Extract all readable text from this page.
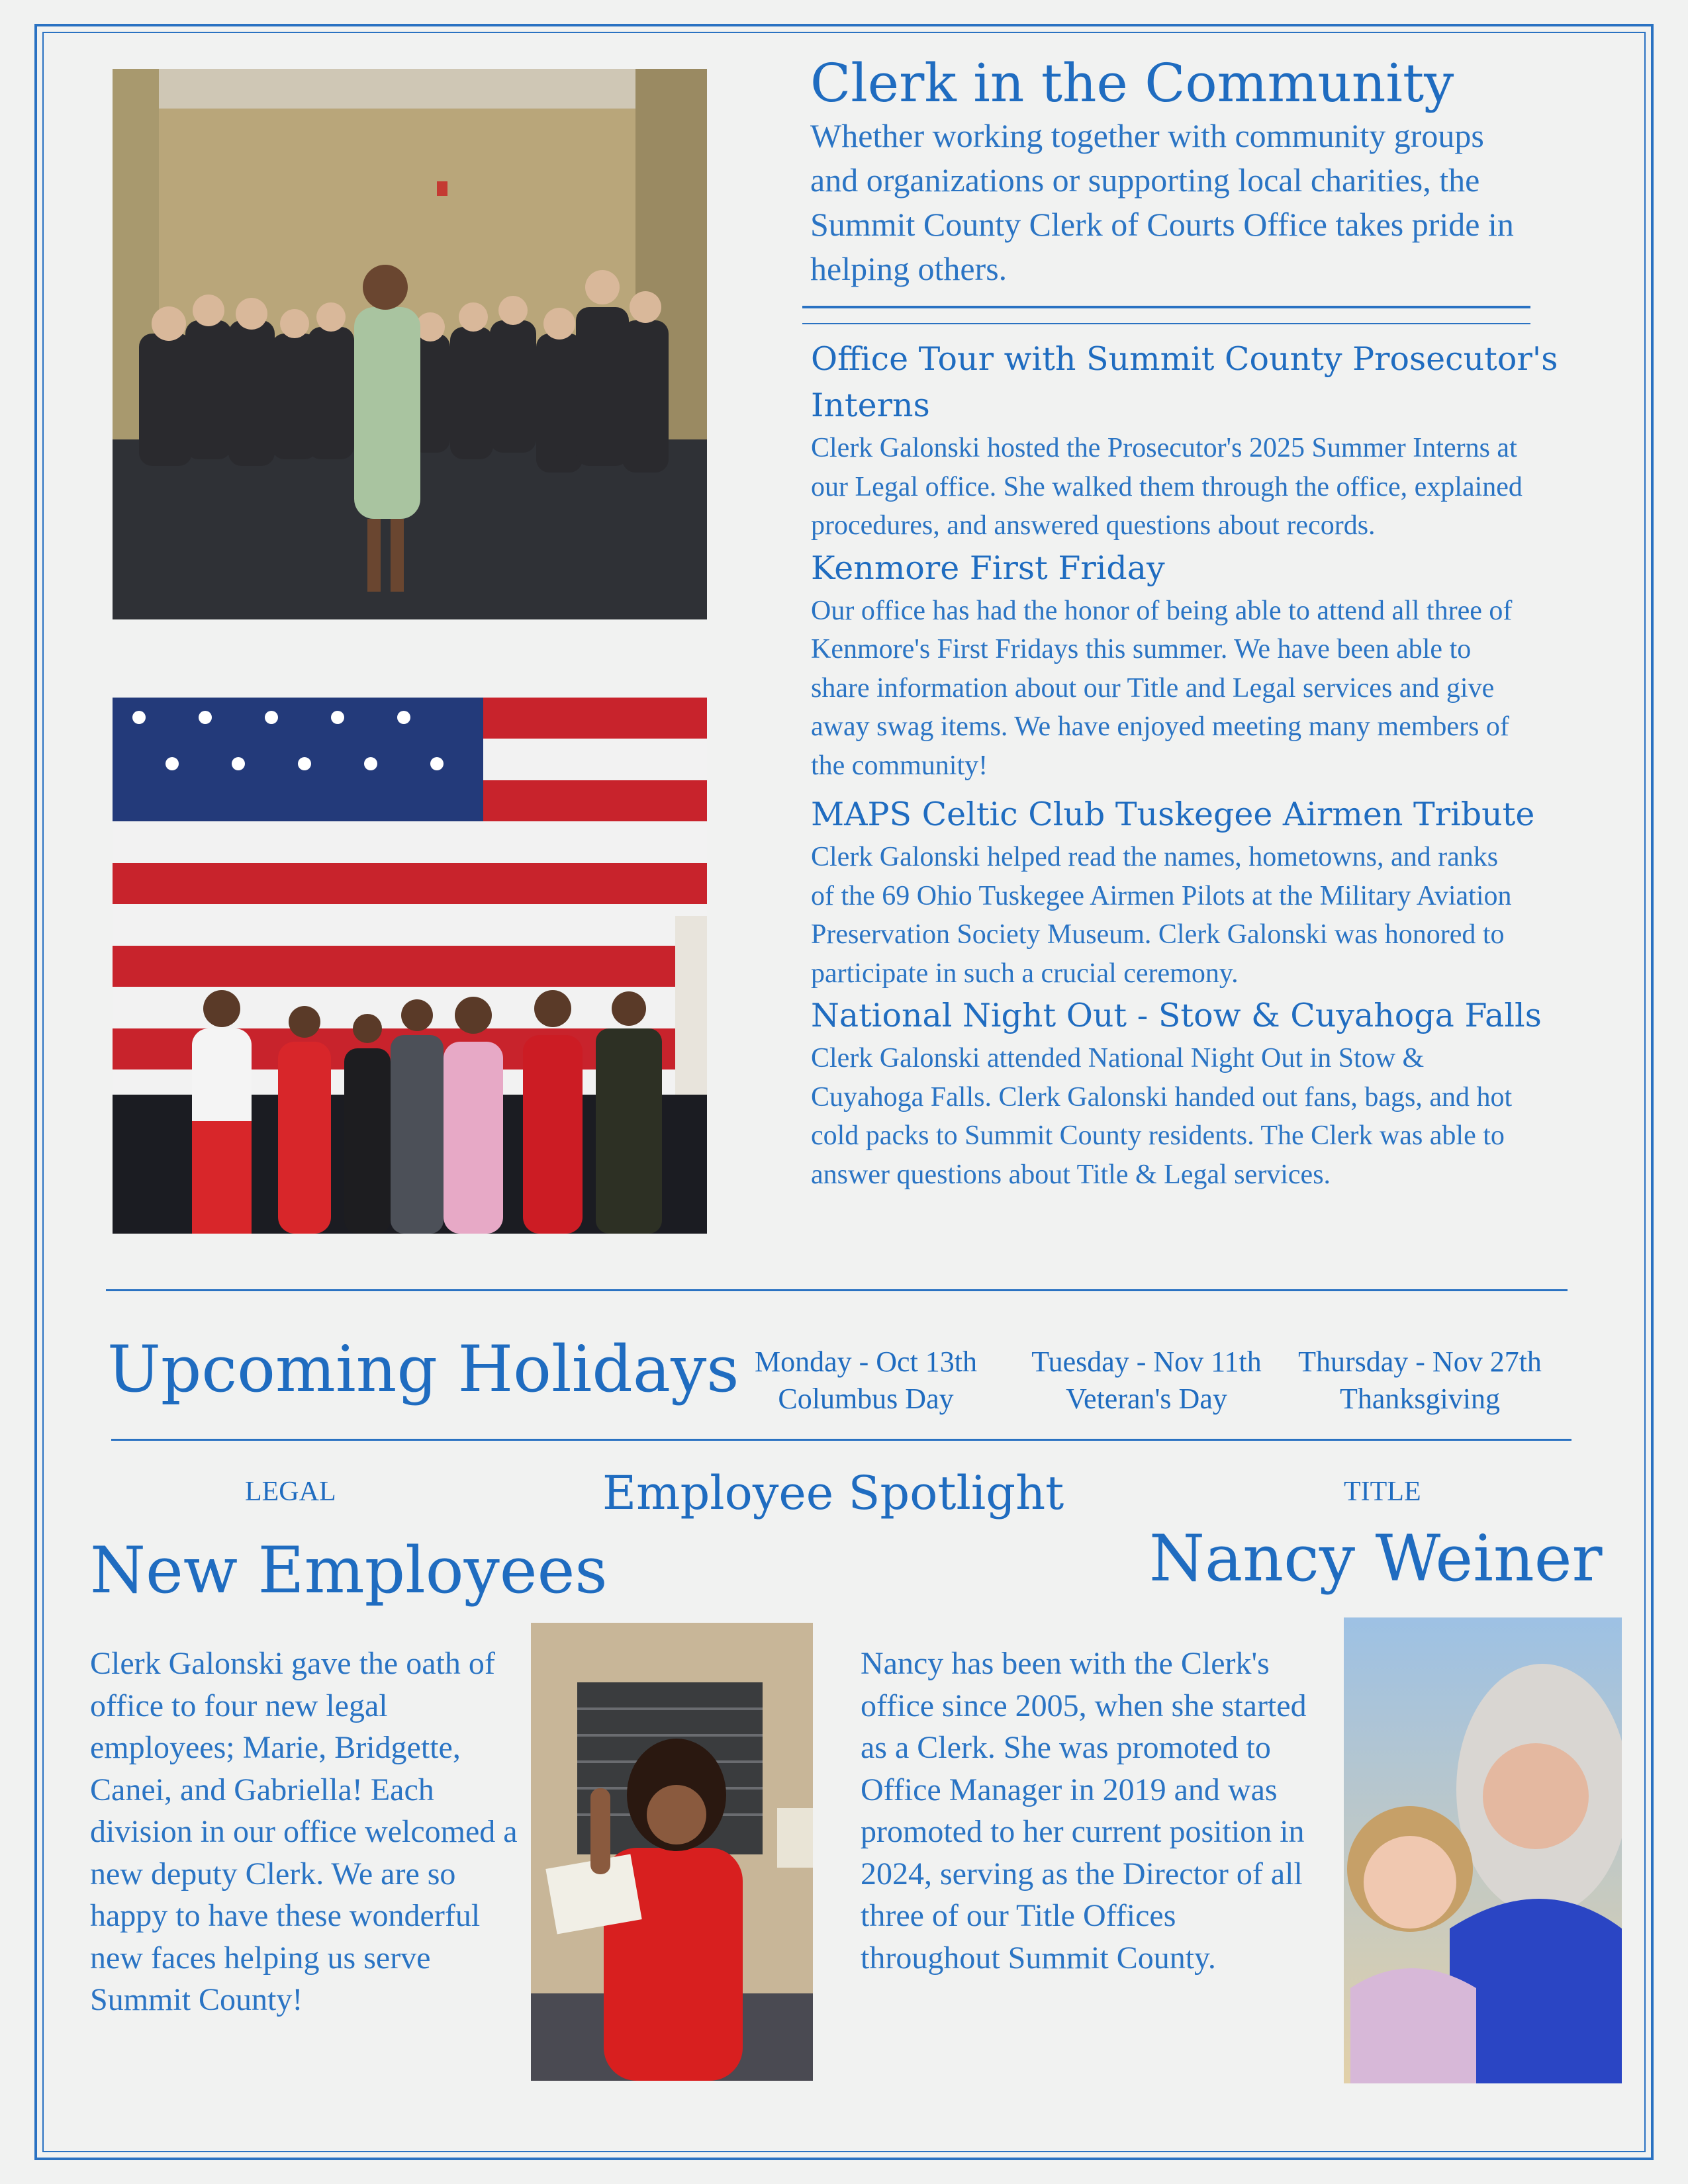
Clerk in the Community
Whether working together with community groups and organizations or supporting local charities, the Summit County Clerk of Courts Office takes pride in helping others.
Office Tour with Summit County Prosecutor's Interns
Clerk Galonski hosted the Prosecutor's 2025 Summer Interns at our Legal office. She walked them through the office, explained procedures, and answered questions about records.
Kenmore First Friday
Our office has had the honor of being able to attend all three of Kenmore's First Fridays this summer. We have been able to share information about our Title and Legal services and give away swag items. We have enjoyed meeting many members of the community!
MAPS Celtic Club Tuskegee Airmen Tribute
Clerk Galonski helped read the names, hometowns, and ranks of the 69 Ohio Tuskegee Airmen Pilots at the Military Aviation Preservation Society Museum. Clerk Galonski was honored to participate in such a crucial ceremony.
National Night Out - Stow & Cuyahoga Falls
Clerk Galonski attended National Night Out in Stow & Cuyahoga Falls. Clerk Galonski handed out fans, bags, and hot cold packs to Summit County residents. The Clerk was able to answer questions about Title & Legal services.
Upcoming Holidays Monday - Oct 13th
Columbus Day
Tuesday - Nov 11th
Veteran's Day
Thursday - Nov 27th
Thanksgiving
LEGAL	Employee Spotlight	TITLE
New Employees	Nancy Weiner
Clerk Galonski gave the oath of office to four new legal employees; Marie, Bridgette, Canei, and Gabriella! Each division in our office welcomed a new deputy Clerk. We are so happy to have these wonderful new faces helping us serve Summit County!
Nancy has been with the Clerk's office since 2005, when she started as a Clerk. She was promoted to Office Manager in 2019 and was promoted to her current position in 2024, serving as the Director of all three of our Title Offices throughout Summit County.
